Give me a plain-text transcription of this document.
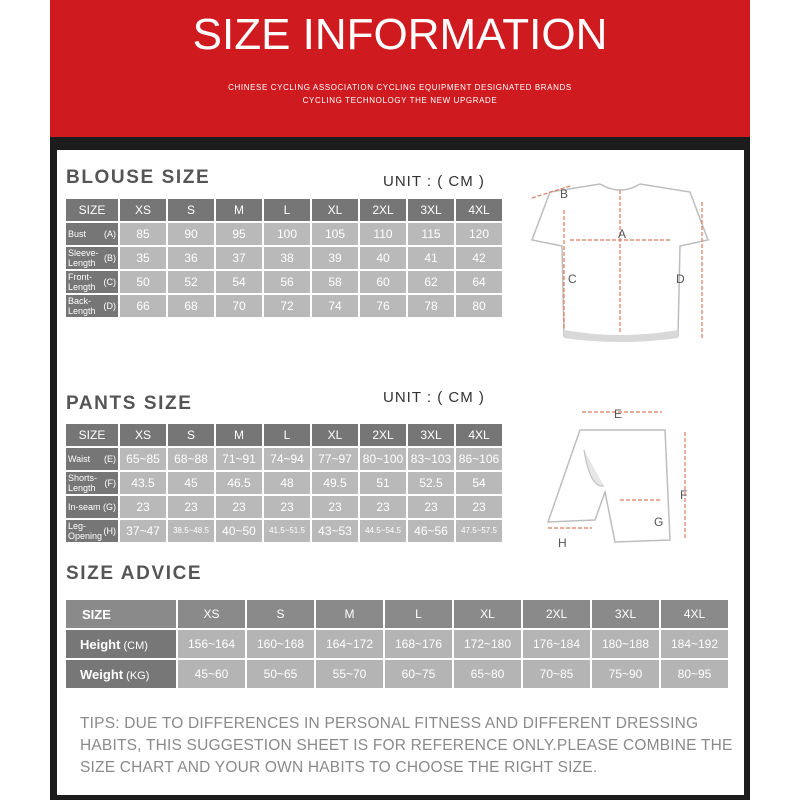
SIZE INFORMATION
CHINESE CYCLING ASSOCIATION CYCLING EQUIPMENT DESIGNATED BRANDS
CYCLING TECHNOLOGY THE NEW UPGRADE
BLOUSE SIZE	UNIT : ( CM )
SIZE	XS	S	M	L	XL	2XL	3XL	4XL

Bust (A)	85	90	95	100	105	110	115	120

Sleeve-
Length (B)	35	36	37	38	39	40	41	42

Front-
Length (C)	50	52	54	56	58	60	62	64

Back-
Length (D)	66	68	70	72	74	76	78	80
A
B
C	D
PANTS SIZE	UNIT : ( CM )
SIZE	XS	S	M	L	XL	2XL	3XL	4XL

Waist (E)	65~85	68~88	71~91	74~94	77~97	80~100	83~103	86~106

Shorts-
Length (F)	43.5	45	46.5	48	49.5	51	52.5	54

In-seam (G)	23	23	23	23	23	23	23	23

Leg-
Opening (H)	37~47	38.5~48.5	40~50	41.5~51.5	43~53	44.5~54.5	46~56	47.5~57.5
E
F
G
H
SIZE ADVICE
SIZE	XS	S	M	L	XL	2XL	3XL	4XL
Height (CM)	156~164	160~168	164~172	168~176	172~180	176~184	180~188	184~192
Weight (KG)	45~60	50~65	55~70	60~75	65~80	70~85	75~90	80~95
TIPS: DUE TO DIFFERENCES IN PERSONAL FITNESS AND DIFFERENT DRESSING HABITS, THIS SUGGESTION SHEET IS FOR REFERENCE ONLY.PLEASE COMBINE THE SIZE CHART AND YOUR OWN HABITS TO CHOOSE THE RIGHT SIZE.
